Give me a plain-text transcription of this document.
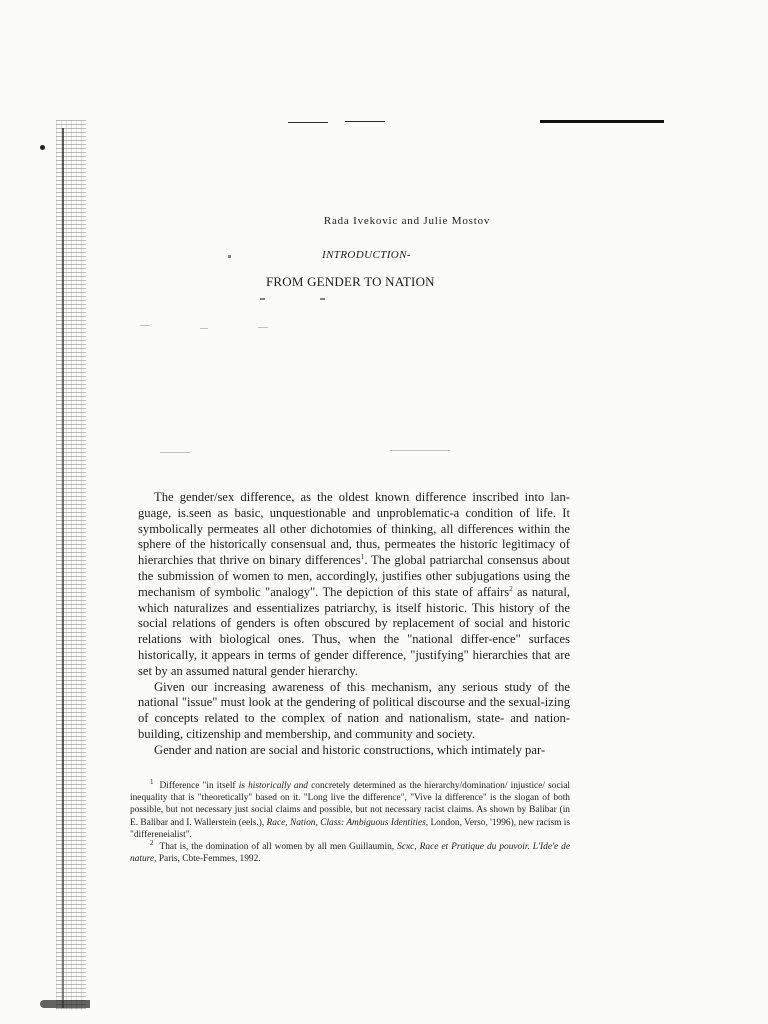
Rada Ivekovic and Julie Mostov
INTRODUCTION-
FROM GENDER TO NATION

The gender/sex difference, as the oldest known difference inscribed into lan-guage, is.seen as basic, unquestionable and unproblematic-a condition of life. It symbolically permeates all other dichotomies of thinking, all differences within the sphere of the historically consensual and, thus, permeates the historic legitimacy of hierarchies that thrive on binary differences$^1$. The global patriarchal consensus about the submission of women to men, accordingly, justifies other subjugations using the mechanism of symbolic "analogy". The depiction of this state of affairs$^2$ as natural, which naturalizes and essentializes patriarchy, is itself historic. This history of the social relations of genders is often obscured by replacement of social and historic relations with biological ones. Thus, when the "national differ-ence" surfaces historically, it appears in terms of gender difference, "justifying" hierarchies that are set by an assumed natural gender hierarchy.

Given our increasing awareness of this mechanism, any serious study of the national "issue" must look at the gendering of political discourse and the sexual-izing of concepts related to the complex of nation and nationalism, state- and nation-building, citizenship and membership, and community and society.

Gender and nation are social and historic constructions, which intimately par-

$^1$ Difference "in itself is historically and concretely determined as the hierarchy/domination/ injustice/ social inequality that is "theoretically" based on it. "Long live the difference", "Vive la difference" is the slogan of both possible, but not necessary just social claims and possible, but not necessary racist claims. As shown by Balibar (in E. Balibar and I. Wallerstein (eels.), Race, Nation, Class: Ambiguous Identities, London, Verso, '1996), new racism is "differeneialist".

$^2$ That is, the domination of all women by all men Guillaumin, Scxc, Race et Pratique du pouvoir. L'Ide'e de nature, Paris, Cbte-Femmes, 1992.
